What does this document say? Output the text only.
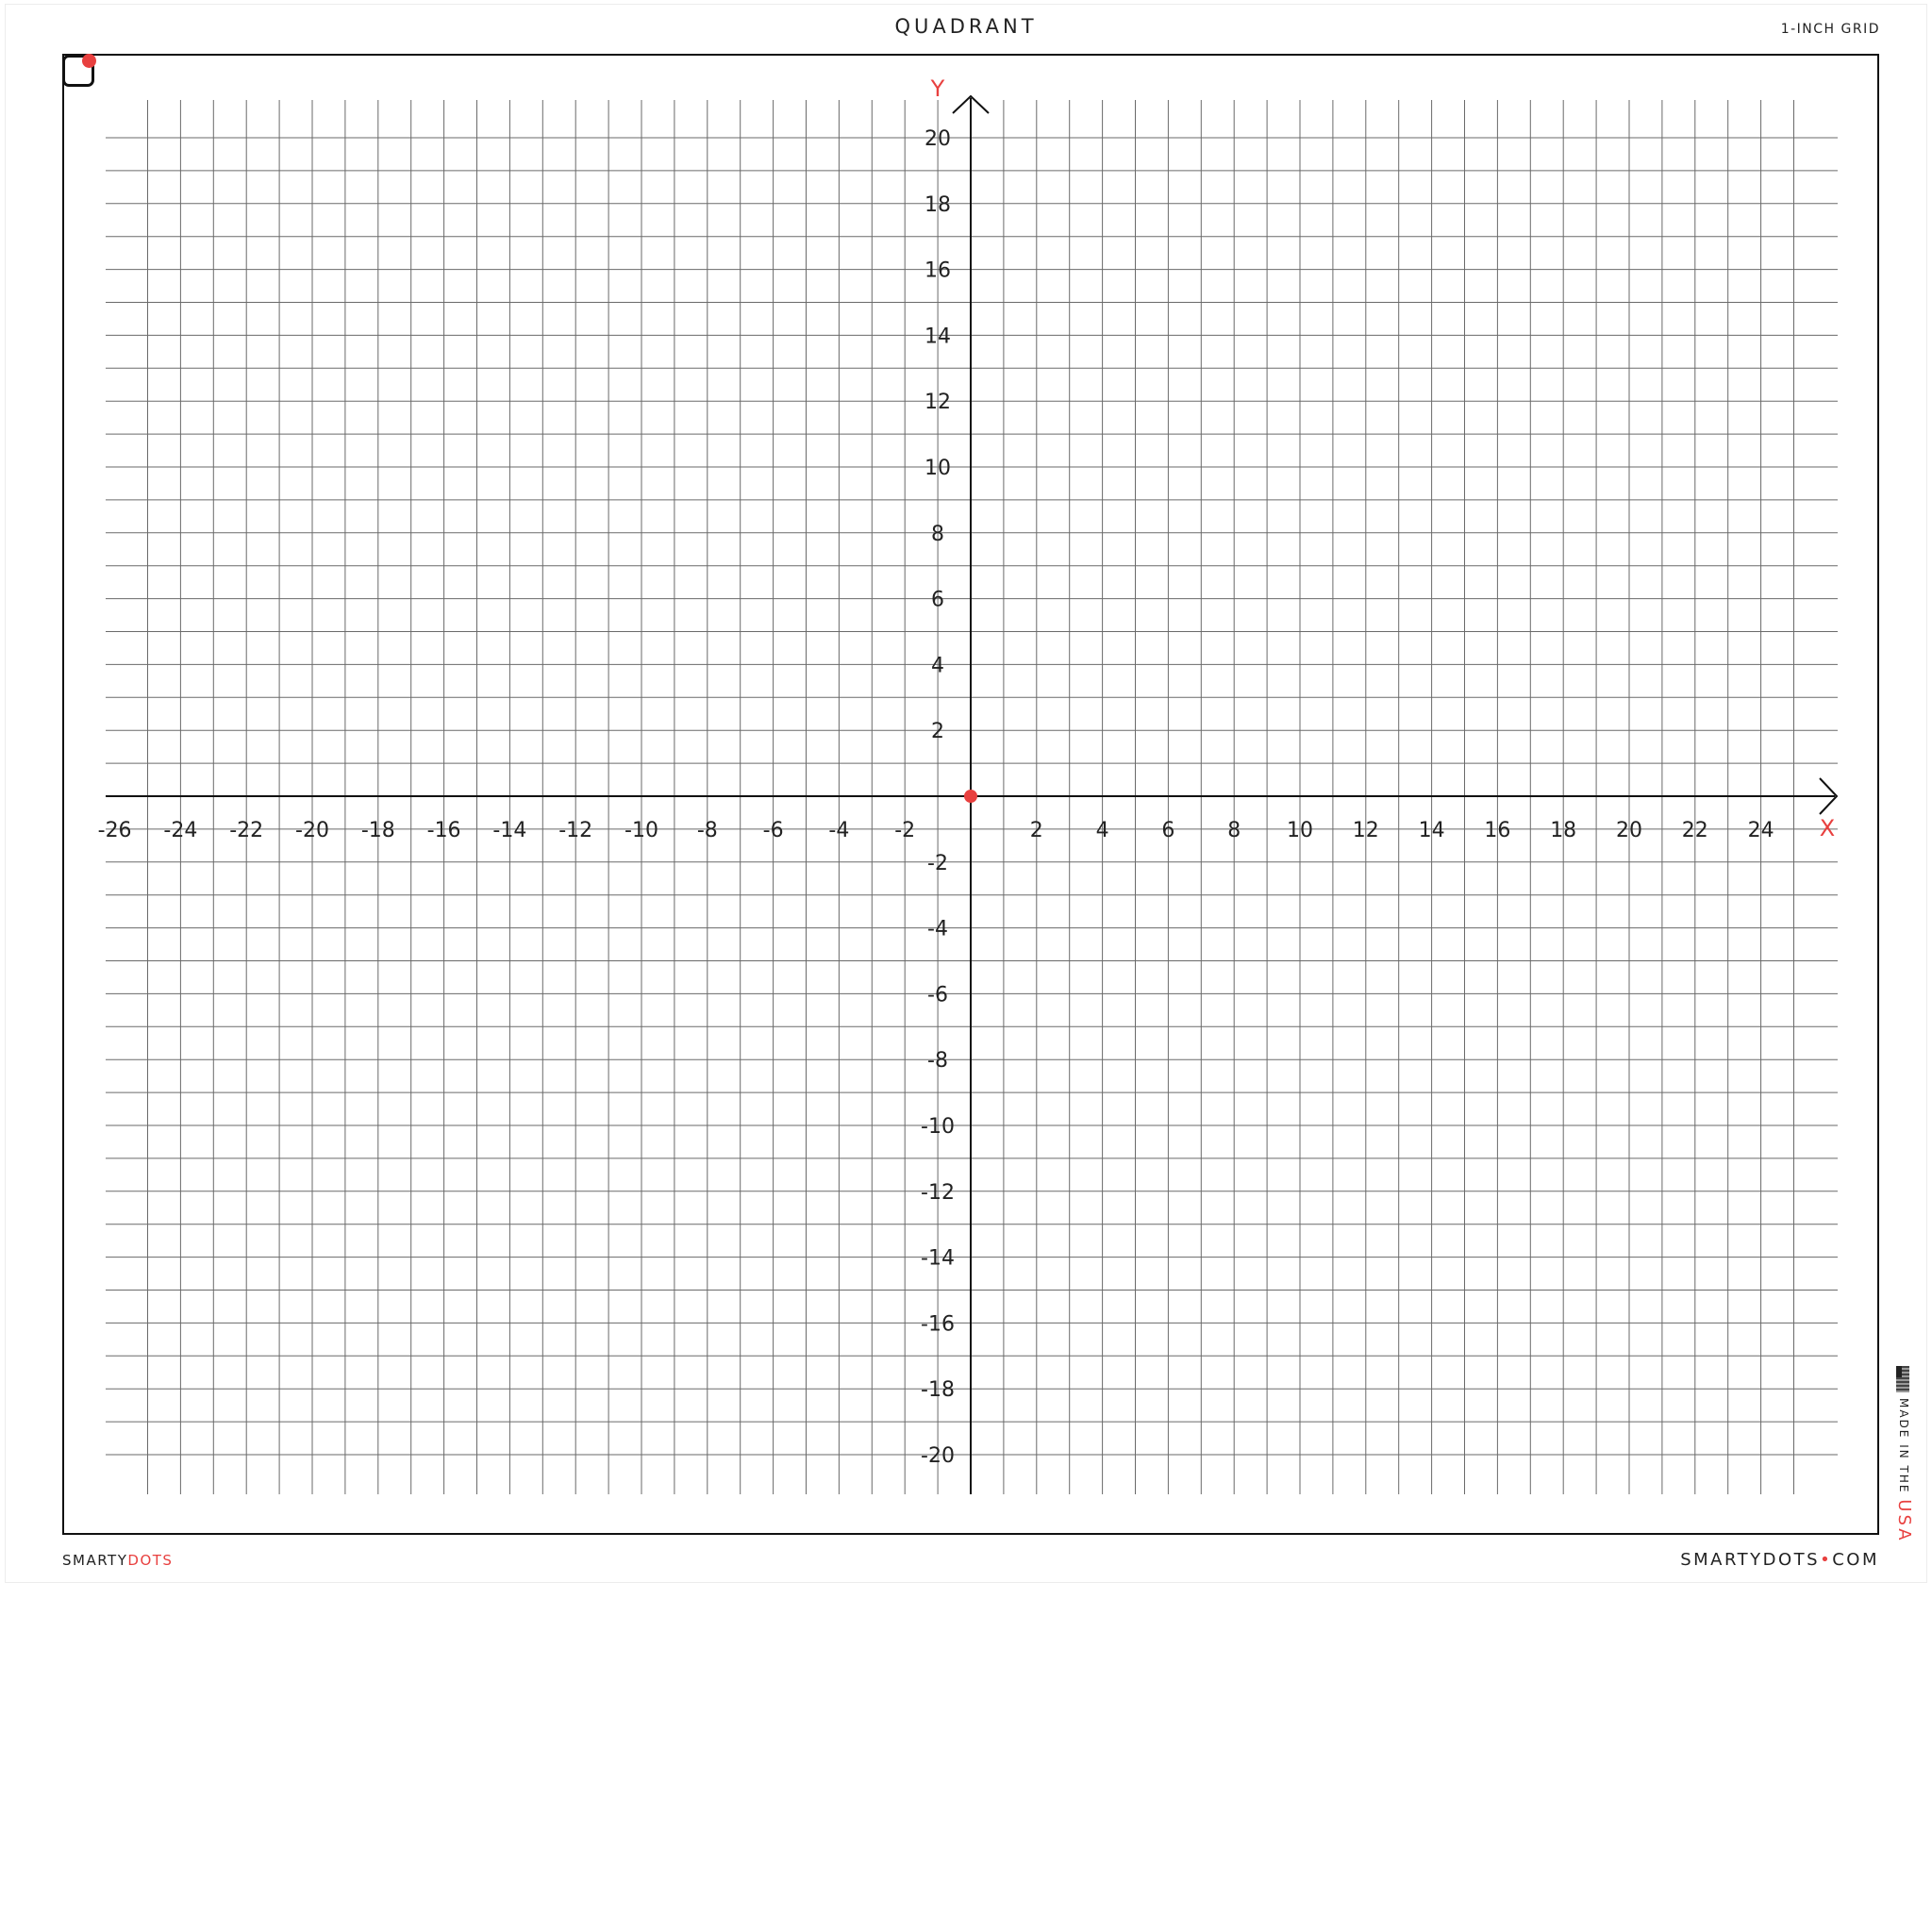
QUADRANT	1-INCH GRID
X
Y
-26 -24 -22 -20 -18 -16 -14 -12 -10 -8 -6 -4 -2	2	4	6	8 10 12 14 16 18 20 22 24
20
18
16
14
12
10
8
6
4
2
-2
-4
-6
-8
-10
-12
-14
-16
-18
-20
SMARTYDOTS	SMARTYDOTS•COM
MADE IN THE USA
